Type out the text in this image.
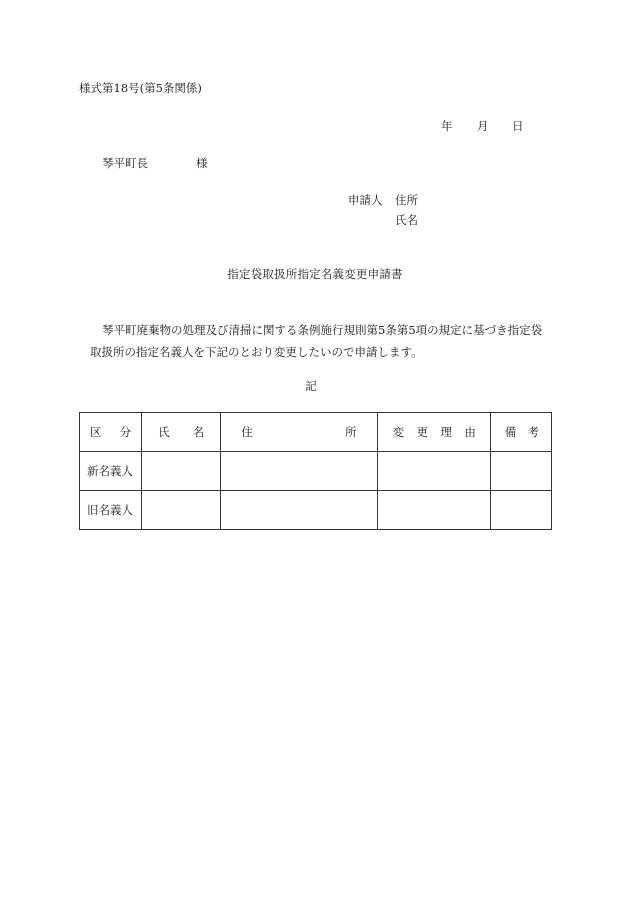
様式第18号(第5条関係)
年 月 日
琴平町長	様
申請人 住所
氏名
指定袋取扱所指定名義変更申請書
琴平町廃棄物の処理及び清掃に関する条例施行規則第5条第5項の規定に基づき指定袋
取扱所の指定名義人を下記のとおり変更したいので申請します。
記
区 分	氏 名	住 所	変 更 理 由	備 考

新名義人				
旧名義人				
